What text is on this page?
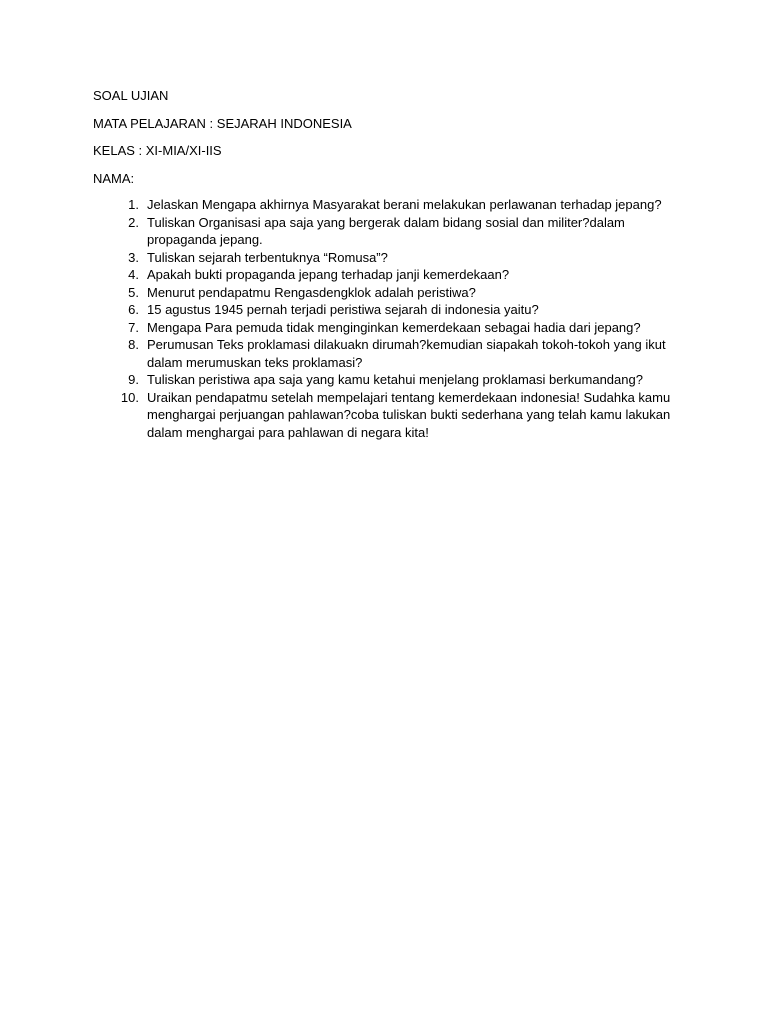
SOAL UJIAN

MATA PELAJARAN : SEJARAH INDONESIA

KELAS : XI-MIA/XI-IIS

NAMA:

1. Jelaskan Mengapa akhirnya Masyarakat berani melakukan perlawanan terhadap jepang?
2. Tuliskan Organisasi apa saja yang bergerak dalam bidang sosial dan militer?dalam propaganda jepang.
3. Tuliskan sejarah terbentuknya “Romusa”?
4. Apakah bukti propaganda jepang terhadap janji kemerdekaan?
5. Menurut pendapatmu Rengasdengklok adalah peristiwa?
6. 15 agustus 1945 pernah terjadi peristiwa sejarah di indonesia yaitu?
7. Mengapa Para pemuda tidak menginginkan kemerdekaan sebagai hadia dari jepang?
8. Perumusan Teks proklamasi dilakuakn dirumah?kemudian siapakah tokoh-tokoh yang ikut dalam merumuskan teks proklamasi?
9. Tuliskan peristiwa apa saja yang kamu ketahui menjelang proklamasi berkumandang?
10. Uraikan pendapatmu setelah mempelajari tentang kemerdekaan indonesia! Sudahka kamu menghargai perjuangan pahlawan?coba tuliskan bukti sederhana yang telah kamu lakukan dalam menghargai para pahlawan di negara kita!
